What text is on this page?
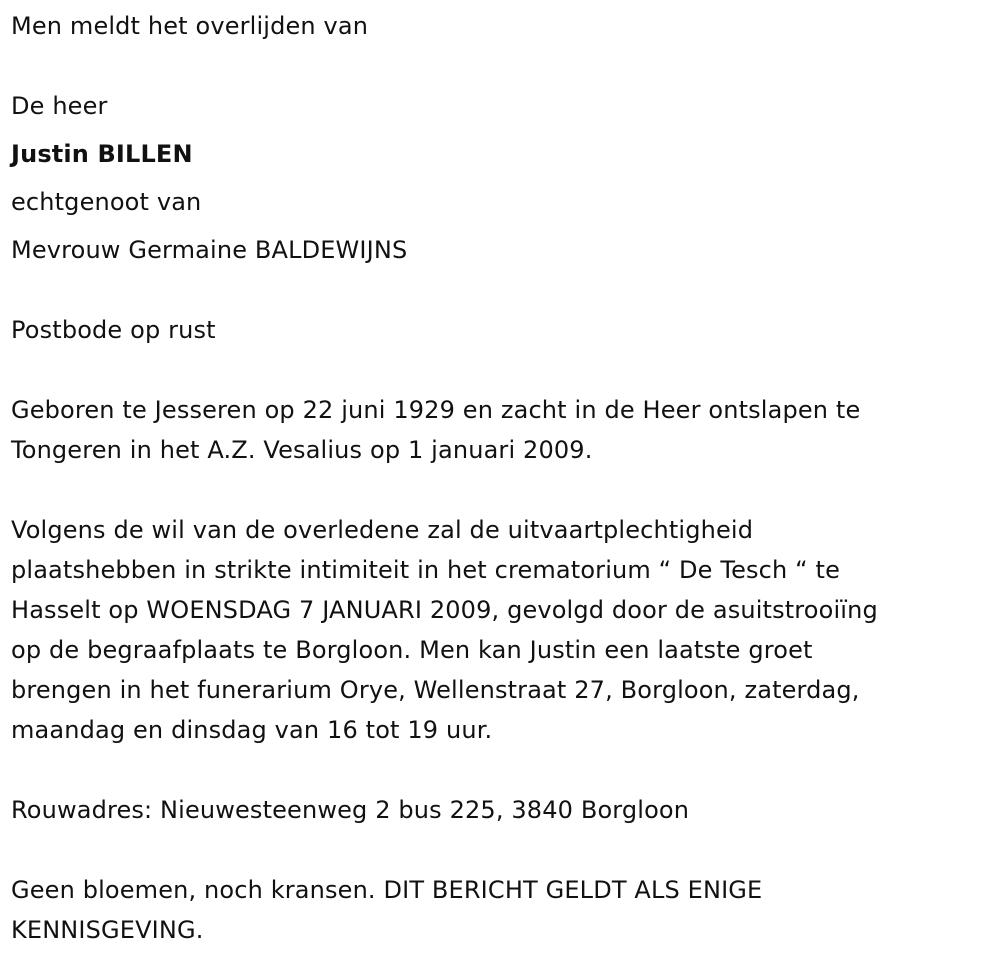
Men meldt het overlijden van
De heer
Justin BILLEN
echtgenoot van
Mevrouw Germaine BALDEWIJNS
Postbode op rust
Geboren te Jesseren op 22 juni 1929 en zacht in de Heer ontslapen te
Tongeren in het A.Z. Vesalius op 1 januari 2009.
Volgens de wil van de overledene zal de uitvaartplechtigheid
plaatshebben in strikte intimiteit in het crematorium “ De Tesch “ te
Hasselt op WOENSDAG 7 JANUARI 2009, gevolgd door de asuitstrooiïng
op de begraafplaats te Borgloon. Men kan Justin een laatste groet
brengen in het funerarium Orye, Wellenstraat 27, Borgloon, zaterdag,
maandag en dinsdag van 16 tot 19 uur.
Rouwadres: Nieuwesteenweg 2 bus 225, 3840 Borgloon
Geen bloemen, noch kransen. DIT BERICHT GELDT ALS ENIGE
KENNISGEVING.
